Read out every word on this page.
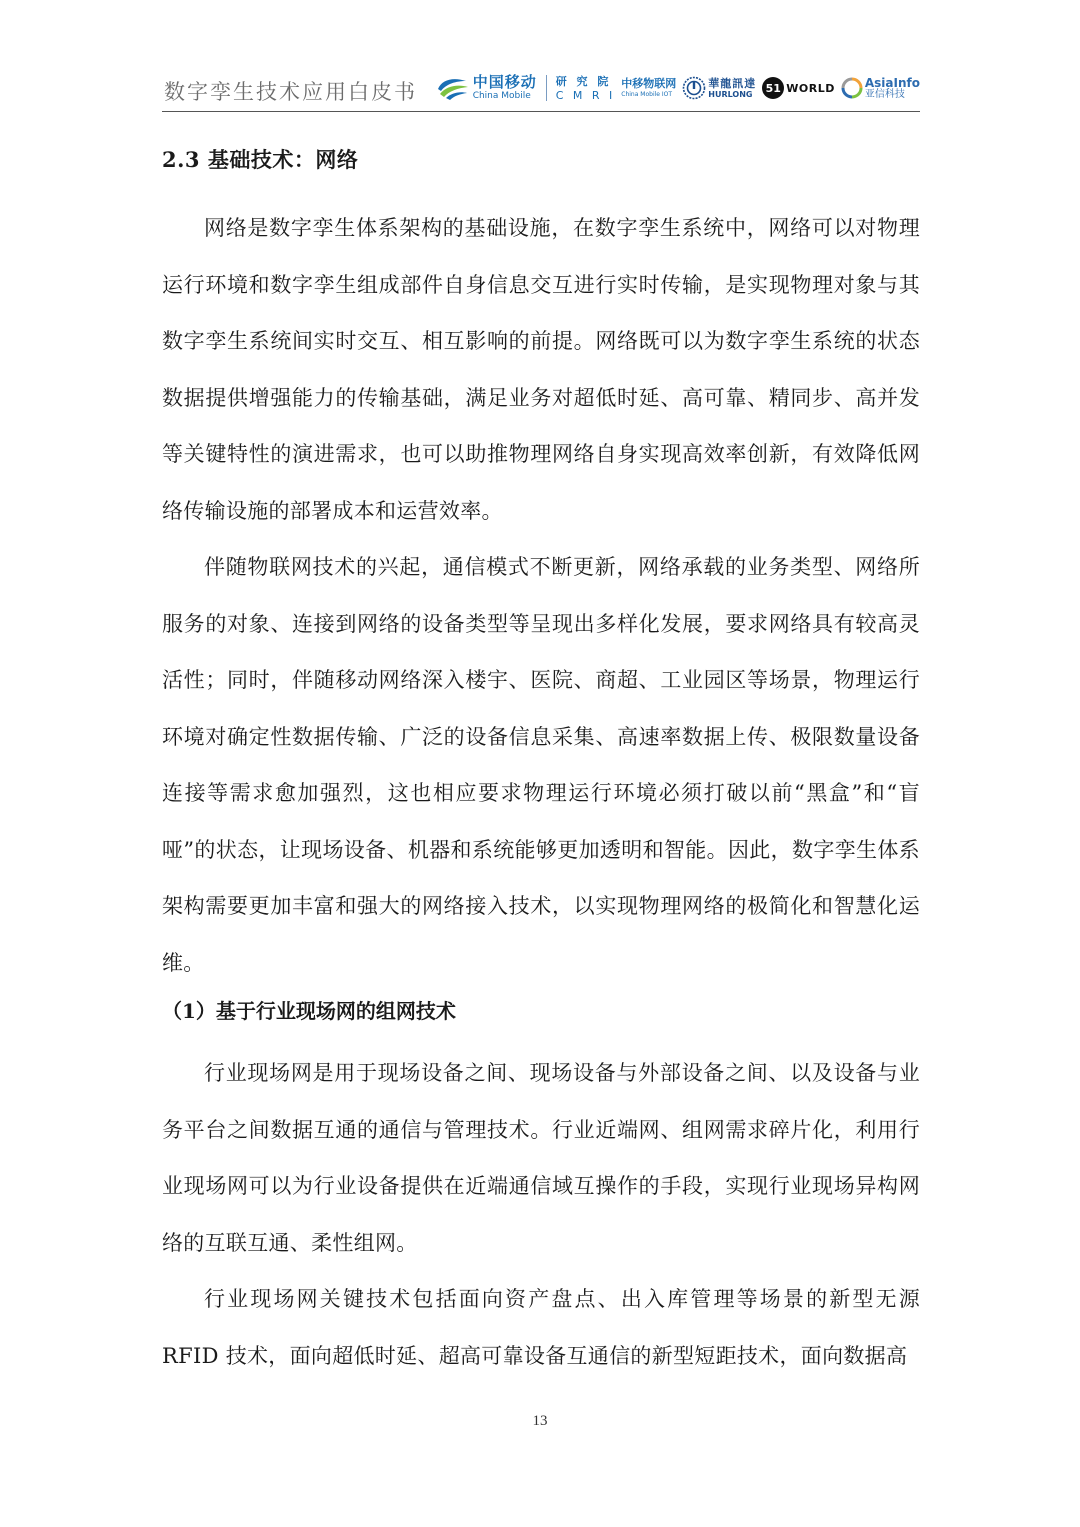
数字孪生技术应用白皮书	中国移动
China Mobile
研 究 院
C M R I
中移物联网
China Mobile IOT
華龍訊達
HURLONG	51 WORLD	AsiaInfo
亚信科技
2.3 基础技术：网络

网络是数字孪生体系架构的基础设施，在数字孪生系统中，网络可以对物理运行环境和数字孪生组成部件自身信息交互进行实时传输，是实现物理对象与其数字孪生系统间实时交互、相互影响的前提。网络既可以为数字孪生系统的状态数据提供增强能力的传输基础，满足业务对超低时延、高可靠、精同步、高并发等关键特性的演进需求，也可以助推物理网络自身实现高效率创新，有效降低网络传输设施的部署成本和运营效率。

伴随物联网技术的兴起，通信模式不断更新，网络承载的业务类型、网络所服务的对象、连接到网络的设备类型等呈现出多样化发展，要求网络具有较高灵活性；同时，伴随移动网络深入楼宇、医院、商超、工业园区等场景，物理运行环境对确定性数据传输、广泛的设备信息采集、高速率数据上传、极限数量设备连接等需求愈加强烈，这也相应要求物理运行环境必须打破以前“黑盒”和“盲哑”的状态，让现场设备、机器和系统能够更加透明和智能。因此，数字孪生体系架构需要更加丰富和强大的网络接入技术，以实现物理网络的极简化和智慧化运维。

（1）基于行业现场网的组网技术

行业现场网是用于现场设备之间、现场设备与外部设备之间、以及设备与业务平台之间数据互通的通信与管理技术。行业近端网、组网需求碎片化，利用行业现场网可以为行业设备提供在近端通信域互操作的手段，实现行业现场异构网络的互联互通、柔性组网。

行业现场网关键技术包括面向资产盘点、出入库管理等场景的新型无源RFID 技术，面向超低时延、超高可靠设备互通信的新型短距技术，面向数据高

13
